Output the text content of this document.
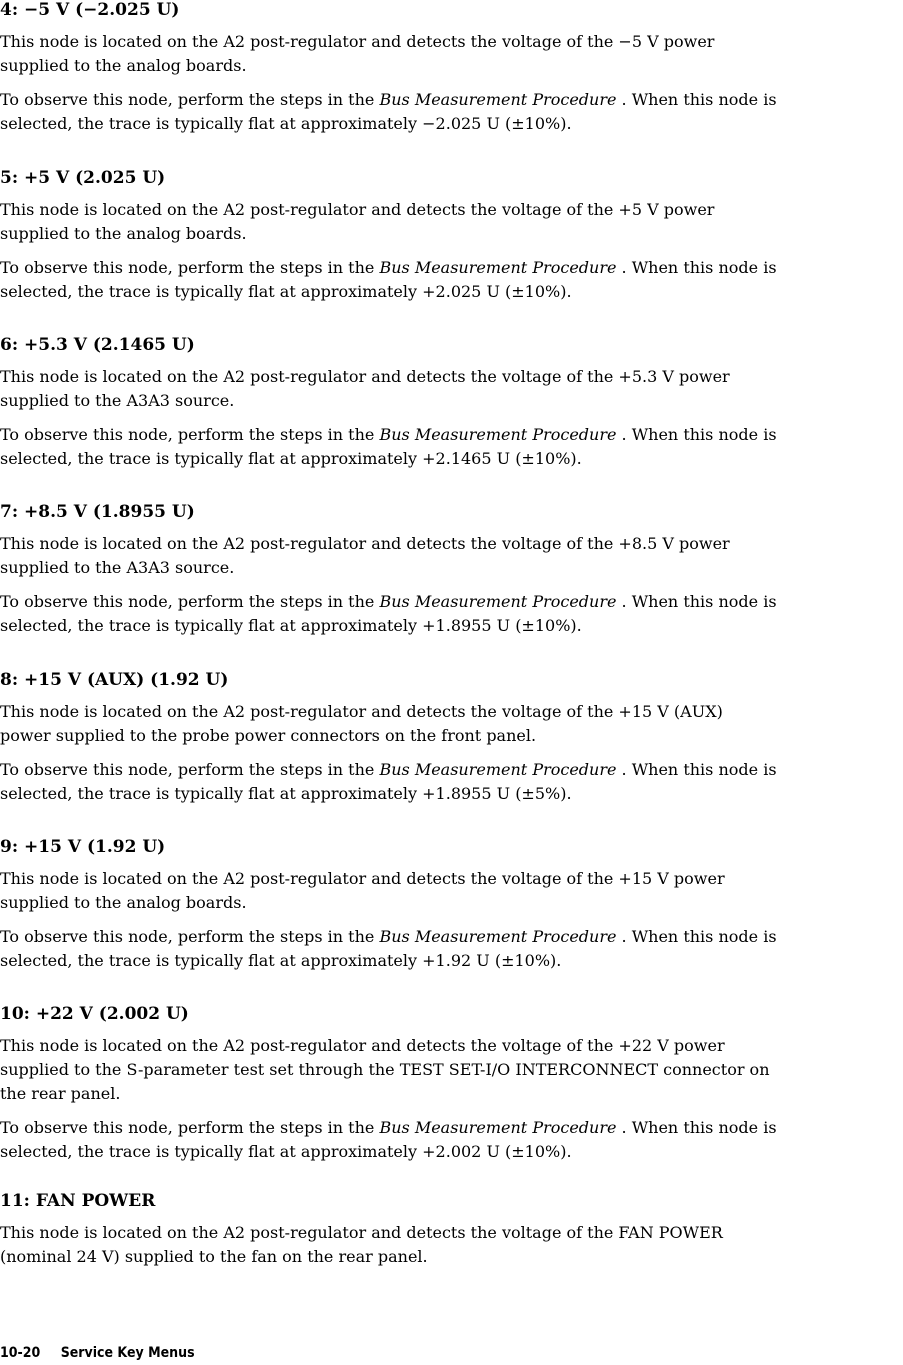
4: −5 V (−2.025 U)
This node is located on the A2 post-regulator and detects the voltage of the −5 V power
supplied to the analog boards.
To observe this node, perform the steps in the Bus Measurement Procedure . When this node is
selected, the trace is typically flat at approximately −2.025 U (±10%).
5: +5 V (2.025 U)
This node is located on the A2 post-regulator and detects the voltage of the +5 V power
supplied to the analog boards.
To observe this node, perform the steps in the Bus Measurement Procedure . When this node is
selected, the trace is typically flat at approximately +2.025 U (±10%).
6: +5.3 V (2.1465 U)
This node is located on the A2 post-regulator and detects the voltage of the +5.3 V power
supplied to the A3A3 source.
To observe this node, perform the steps in the Bus Measurement Procedure . When this node is
selected, the trace is typically flat at approximately +2.1465 U (±10%).
7: +8.5 V (1.8955 U)
This node is located on the A2 post-regulator and detects the voltage of the +8.5 V power
supplied to the A3A3 source.
To observe this node, perform the steps in the Bus Measurement Procedure . When this node is
selected, the trace is typically flat at approximately +1.8955 U (±10%).
8: +15 V (AUX) (1.92 U)
This node is located on the A2 post-regulator and detects the voltage of the +15 V (AUX)
power supplied to the probe power connectors on the front panel.
To observe this node, perform the steps in the Bus Measurement Procedure . When this node is
selected, the trace is typically flat at approximately +1.8955 U (±5%).
9: +15 V (1.92 U)
This node is located on the A2 post-regulator and detects the voltage of the +15 V power
supplied to the analog boards.
To observe this node, perform the steps in the Bus Measurement Procedure . When this node is
selected, the trace is typically flat at approximately +1.92 U (±10%).
10: +22 V (2.002 U)
This node is located on the A2 post-regulator and detects the voltage of the +22 V power
supplied to the S-parameter test set through the TEST SET-I/O INTERCONNECT connector on
the rear panel.
To observe this node, perform the steps in the Bus Measurement Procedure . When this node is
selected, the trace is typically flat at approximately +2.002 U (±10%).
11: FAN POWER
This node is located on the A2 post-regulator and detects the voltage of the FAN POWER
(nominal 24 V) supplied to the fan on the rear panel.
10-20 Service Key Menus
